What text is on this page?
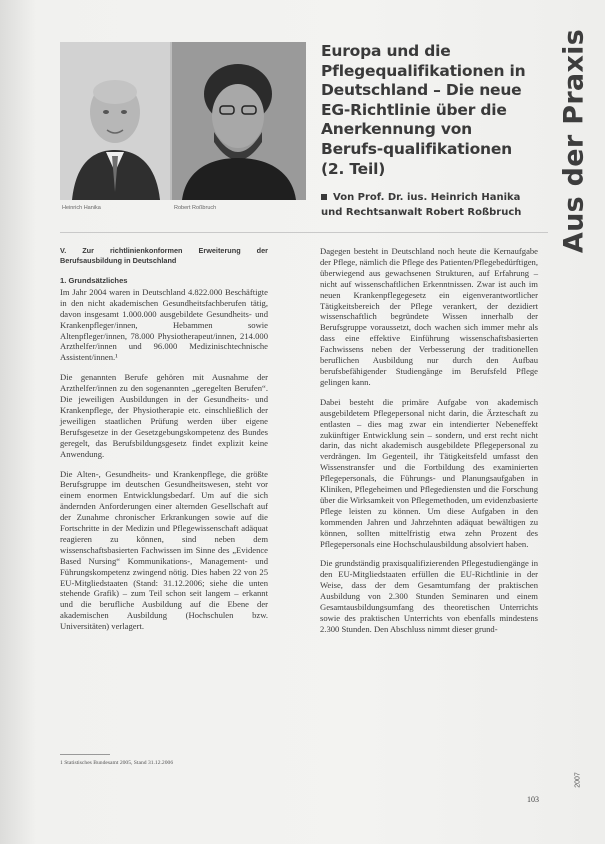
Heinrich Hanika	Robert Roßbruch
Europa und die Pflegequalifikationen in Deutschland – Die neue EG-Richtlinie über die Anerkennung von Berufs-qualifikationen (2. Teil)
Von Prof. Dr. ius. Heinrich Hanika und Rechtsanwalt Robert Roßbruch	Aus der Praxis
V. Zur richtlinienkonformen Erweiterung der Berufsausbildung in Deutschland
1. Grundsätzliches

Im Jahr 2004 waren in Deutschland 4.822.000 Beschäftigte in den nicht akademischen Gesundheitsfachberufen tätig, davon insgesamt 1.000.000 ausgebildete Gesundheits- und Krankenpfleger/innen, Hebammen sowie Altenpfleger/innen, 78.000 Physiotherapeut/innen, 214.000 Arzthelfer/innen und 96.000 Medizinischtechnische Assistent/innen.¹

Die genannten Berufe gehören mit Ausnahme der Arzthelfer/innen zu den sogenannten „geregelten Berufen“. Die jeweiligen Ausbildungen in der Gesundheits- und Krankenpflege, der Physiotherapie etc. einschließlich der jeweiligen staatlichen Prüfung werden über eigene Berufsgesetze in der Gesetzgebungskompetenz des Bundes geregelt, das Berufsbildungsgesetz findet explizit keine Anwendung.

Die Alten-, Gesundheits- und Krankenpflege, die größte Berufsgruppe im deutschen Gesundheitswesen, steht vor einem enormen Entwicklungsbedarf. Um auf die sich ändernden Anforderungen einer alternden Gesellschaft auf der Zunahme chronischer Erkrankungen sowie auf die Fortschritte in der Medizin und Pflegewissenschaft adäquat reagieren zu können, sind neben dem wissenschaftsbasierten Fachwissen im Sinne des „Evidence Based Nursing“ Kommunikations-, Management- und Führungskompetenz zwingend nötig. Dies haben 22 von 25 EU-Mitgliedstaaten (Stand: 31.12.2006; siehe die unten stehende Grafik) – zum Teil schon seit langem – erkannt und die berufliche Ausbildung auf die Ebene der akademischen Ausbildung (Hochschulen bzw. Universitäten) verlagert.

Dagegen besteht in Deutschland noch heute die Kernaufgabe der Pflege, nämlich die Pflege des Patienten/Pflegebedürftigen, überwiegend aus gewachsenen Strukturen, auf Erfahrung – nicht auf wissenschaftlichen Erkenntnissen. Zwar ist auch im neuen Krankenpflegegesetz ein eigenverantwortlicher Tätigkeitsbereich der Pflege verankert, der dezidiert wissenschaftlich begründete Wissen innerhalb der Berufsgruppe voraussetzt, doch wachen sich immer mehr als dass eine effektive Einführung wissenschaftsbasierten Fachwissens neben der Verbesserung der traditionellen beruflichen Ausbildung nur durch den Aufbau berufsbefähigender Studiengänge im Berufsfeld Pflege gelingen kann.

Dabei besteht die primäre Aufgabe von akademisch ausgebildetem Pflegepersonal nicht darin, die Ärzteschaft zu entlasten – dies mag zwar ein intendierter Nebeneffekt zukünftiger Entwicklung sein – sondern, und erst recht nicht darin, das nicht akademisch ausgebildete Pflegepersonal zu verdrängen. Im Gegenteil, ihr Tätigkeitsfeld umfasst den Wissenstransfer und die Fortbildung des examinierten Pflegepersonals, die Führungs- und Planungsaufgaben in Kliniken, Pflegeheimen und Pflegediensten und die Forschung über die Wirksamkeit von Pflegemethoden, um evidenzbasierte Pflege leisten zu können. Um diese Aufgaben in den kommenden Jahren und Jahrzehnten adäquat bewältigen zu können, sollten mittelfristig etwa zehn Prozent des Pflegepersonals eine Hochschulausbildung absolviert haben.

Die grundständig praxisqualifizierenden Pflegestudiengänge in den EU-Mitgliedstaaten erfüllen die EU-Richtlinie in der Weise, dass der dem Gesamtumfang der praktischen Ausbildung von 2.300 Stunden Seminaren und einem Gesamtausbildungsumfang des theoretischen Unterrichts sowie des praktischen Unterrichts von ebenfalls mindestens 2.300 Stunden. Den Abschluss nimmt dieser grund-

1 Statistisches Bundesamt 2005, Stand 31.12.2006
103
2007
